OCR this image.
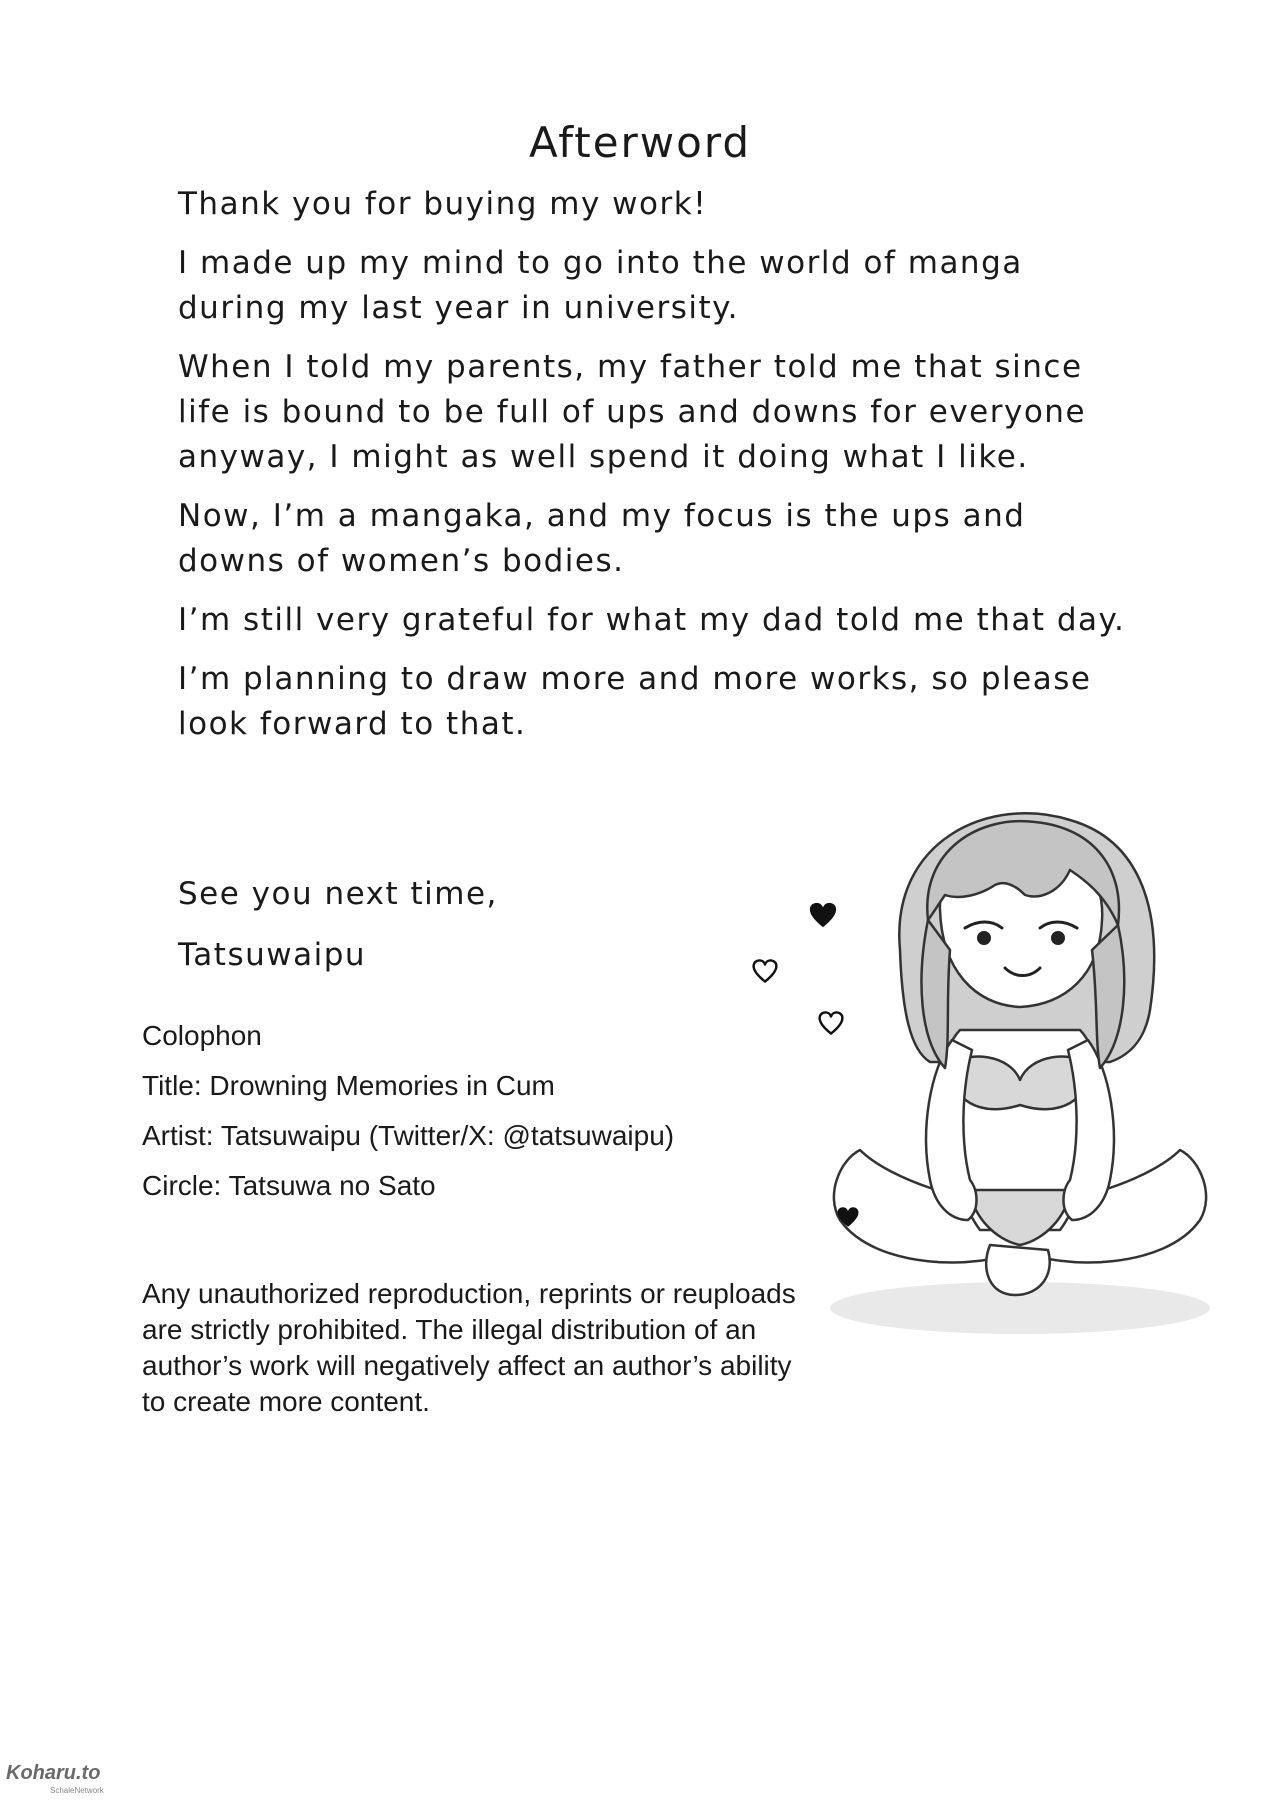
Afterword

Thank you for buying my work!

I made up my mind to go into the world of manga during my last year in university.

When I told my parents, my father told me that since life is bound to be full of ups and downs for everyone anyway, I might as well spend it doing what I like.

Now, I’m a mangaka, and my focus is the ups and downs of women’s bodies.

I’m still very grateful for what my dad told me that day.

I’m planning to draw more and more works, so please look forward to that.

See you next time,

Tatsuwaipu

Colophon

Title: Drowning Memories in Cum

Artist: Tatsuwaipu (Twitter/X: @tatsuwaipu)

Circle: Tatsuwa no Sato

Any unauthorized reproduction, reprints or reuploads are strictly prohibited. The illegal distribution of an author’s work will negatively affect an author’s ability to create more content.

Koharu.to
SchaleNetwork
